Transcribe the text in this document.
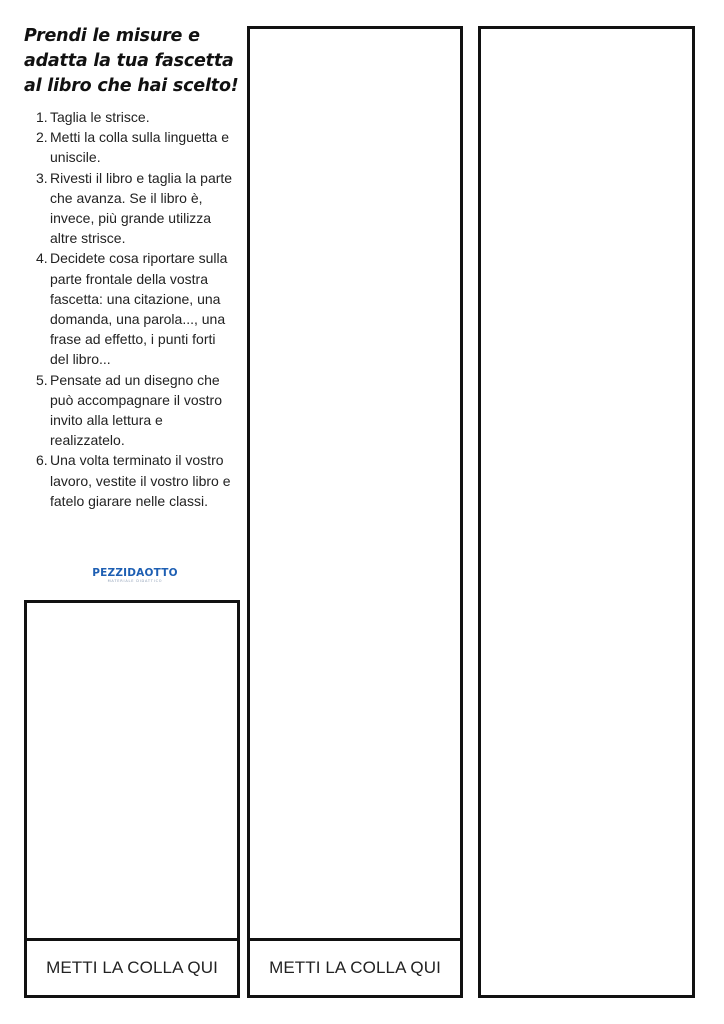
Prendi le misure e adatta la tua fascetta al libro che hai scelto!
1. Taglia le strisce.
2. Metti la colla sulla linguetta e uniscile.
3. Rivesti il libro e taglia la parte che avanza. Se il libro è, invece, più grande utilizza altre strisce.
4. Decidete cosa riportare sulla parte frontale della vostra fascetta: una citazione, una domanda, una parola..., una frase ad effetto, i punti forti del libro...
5. Pensate ad un disegno che può accompagnare il vostro invito alla lettura e realizzatelo.
6. Una volta terminato il vostro lavoro, vestite il vostro libro e fatelo giarare nelle classi.
PEZZIDAOTTO
MATERIALE DIDATTICO
METTI LA COLLA QUI	METTI LA COLLA QUI
